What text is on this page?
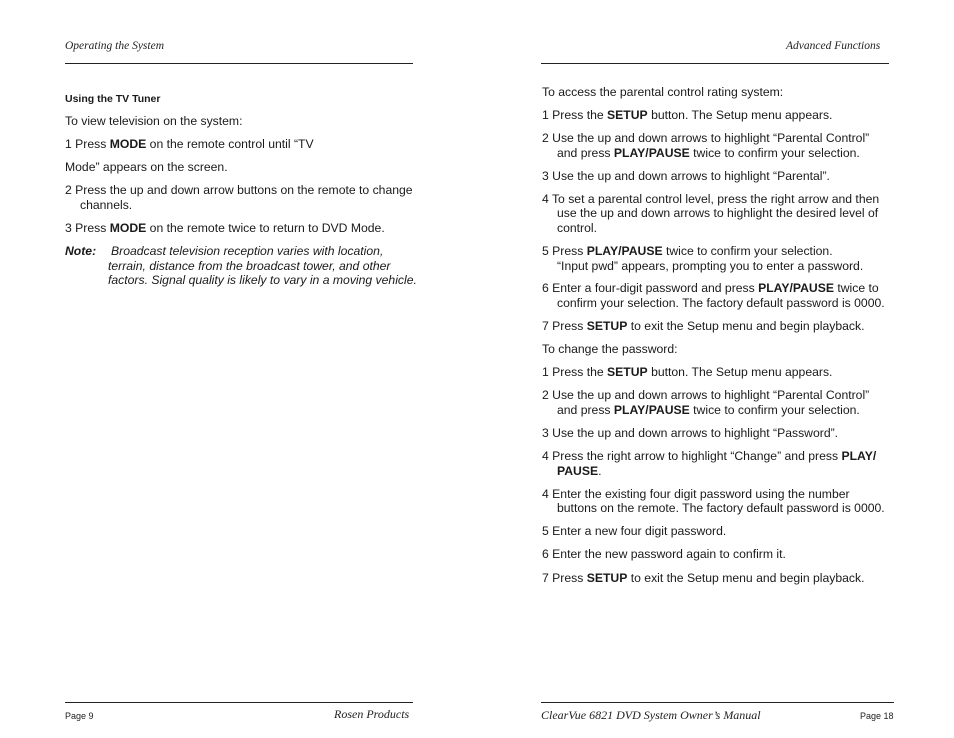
Operating the System
Using the TV Tuner
To view television on the system:
1 Press MODE on the remote control until “TV
Mode” appears on the screen.
2 Press the up and down arrow buttons on the remote to change
channels.
3 Press MODE on the remote twice to return to DVD Mode.
Note: Broadcast television reception varies with location,
terrain, distance from the broadcast tower, and other
factors. Signal quality is likely to vary in a moving vehicle.
Page 9	Rosen Products
Advanced Functions
To access the parental control rating system:
1 Press the SETUP button. The Setup menu appears.
2 Use the up and down arrows to highlight “Parental Control”
and press PLAY/PAUSE twice to confirm your selection.
3 Use the up and down arrows to highlight “Parental”.
4 To set a parental control level, press the right arrow and then
use the up and down arrows to highlight the desired level of
control.
5 Press PLAY/PAUSE twice to confirm your selection.
“Input pwd” appears, prompting you to enter a password.
6 Enter a four-digit password and press PLAY/PAUSE twice to
confirm your selection. The factory default password is 0000.
7 Press SETUP to exit the Setup menu and begin playback.
To change the password:
1 Press the SETUP button. The Setup menu appears.
2 Use the up and down arrows to highlight “Parental Control”
and press PLAY/PAUSE twice to confirm your selection.
3 Use the up and down arrows to highlight “Password”.
4 Press the right arrow to highlight “Change” and press PLAY/
PAUSE.
4 Enter the existing four digit password using the number
buttons on the remote. The factory default password is 0000.
5 Enter a new four digit password.
6 Enter the new password again to confirm it.
7 Press SETUP to exit the Setup menu and begin playback.
ClearVue 6821 DVD System Owner’s Manual	Page 18
